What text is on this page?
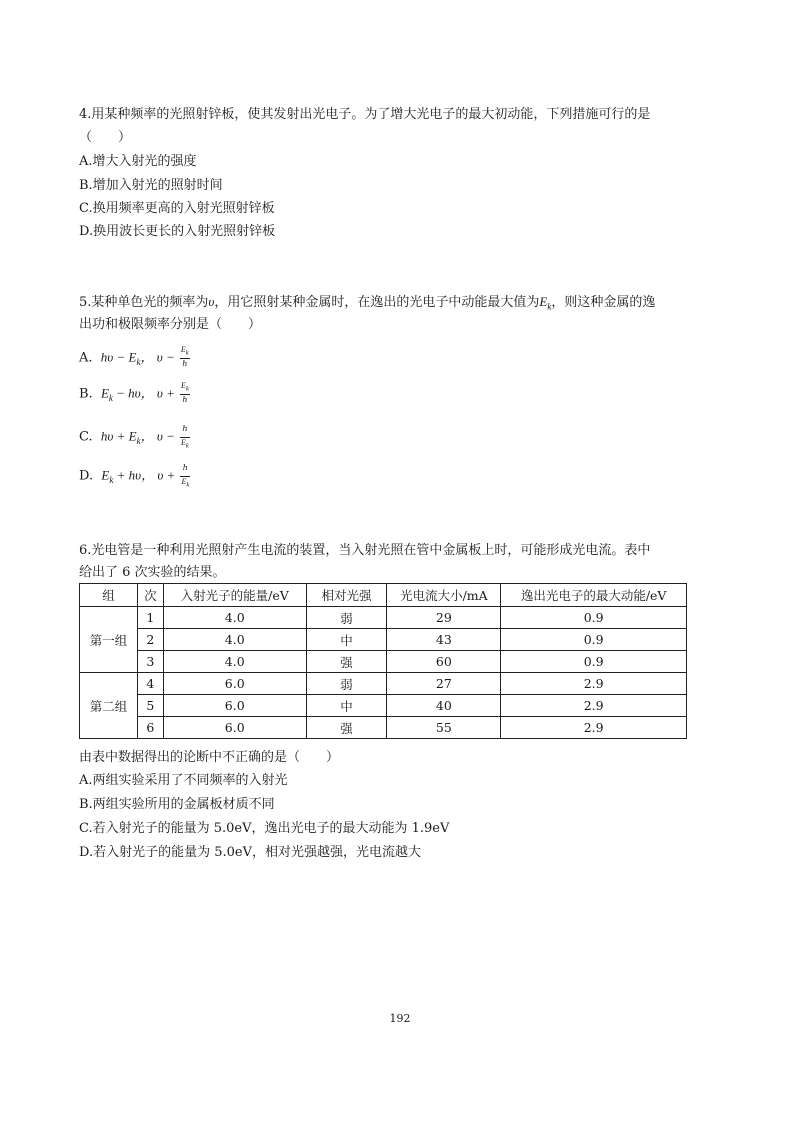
4.用某种频率的光照射锌板，使其发射出光电子。为了增大光电子的最大初动能，下列措施可行的是
（　　）
A.增大入射光的强度
B.增加入射光的照射时间
C.换用频率更高的入射光照射锌板
D.换用波长更长的入射光照射锌板
5.某种单色光的频率为υ，用它照射某种金属时，在逸出的光电子中动能最大值为$E_k$，则这种金属的逸
出功和极限频率分别是（　　）
A. $h\upsilon - E_k$， $\upsilon - \frac{E_k}{\text{ℎ}}$
B. $E_k - h\upsilon$， $\upsilon + \frac{E_k}{\text{ℎ}}$
C. $h\upsilon + E_k$， $\upsilon - \frac{\text{ℎ}}{E_k}$
D. $E_k + h\upsilon$， $\upsilon + \frac{\text{ℎ}}{E_k}$
6.光电管是一种利用光照射产生电流的装置，当入射光照在管中金属板上时，可能形成光电流。表中
给出了 6 次实验的结果。
组	次	入射光子的能量/eV	相对光强	光电流大小/mA	逸出光电子的最大动能/eV
第一组	1	4.0	弱	29	0.9
	2	4.0	中	43	0.9
	3	4.0	强	60	0.9
第二组	4	6.0	弱	27	2.9
	5	6.0	中	40	2.9
	6	6.0	强	55	2.9
由表中数据得出的论断中不正确的是（　　）
A.两组实验采用了不同频率的入射光
B.两组实验所用的金属板材质不同
C.若入射光子的能量为 5.0eV，逸出光电子的最大动能为 1.9eV
D.若入射光子的能量为 5.0eV，相对光强越强，光电流越大
192
